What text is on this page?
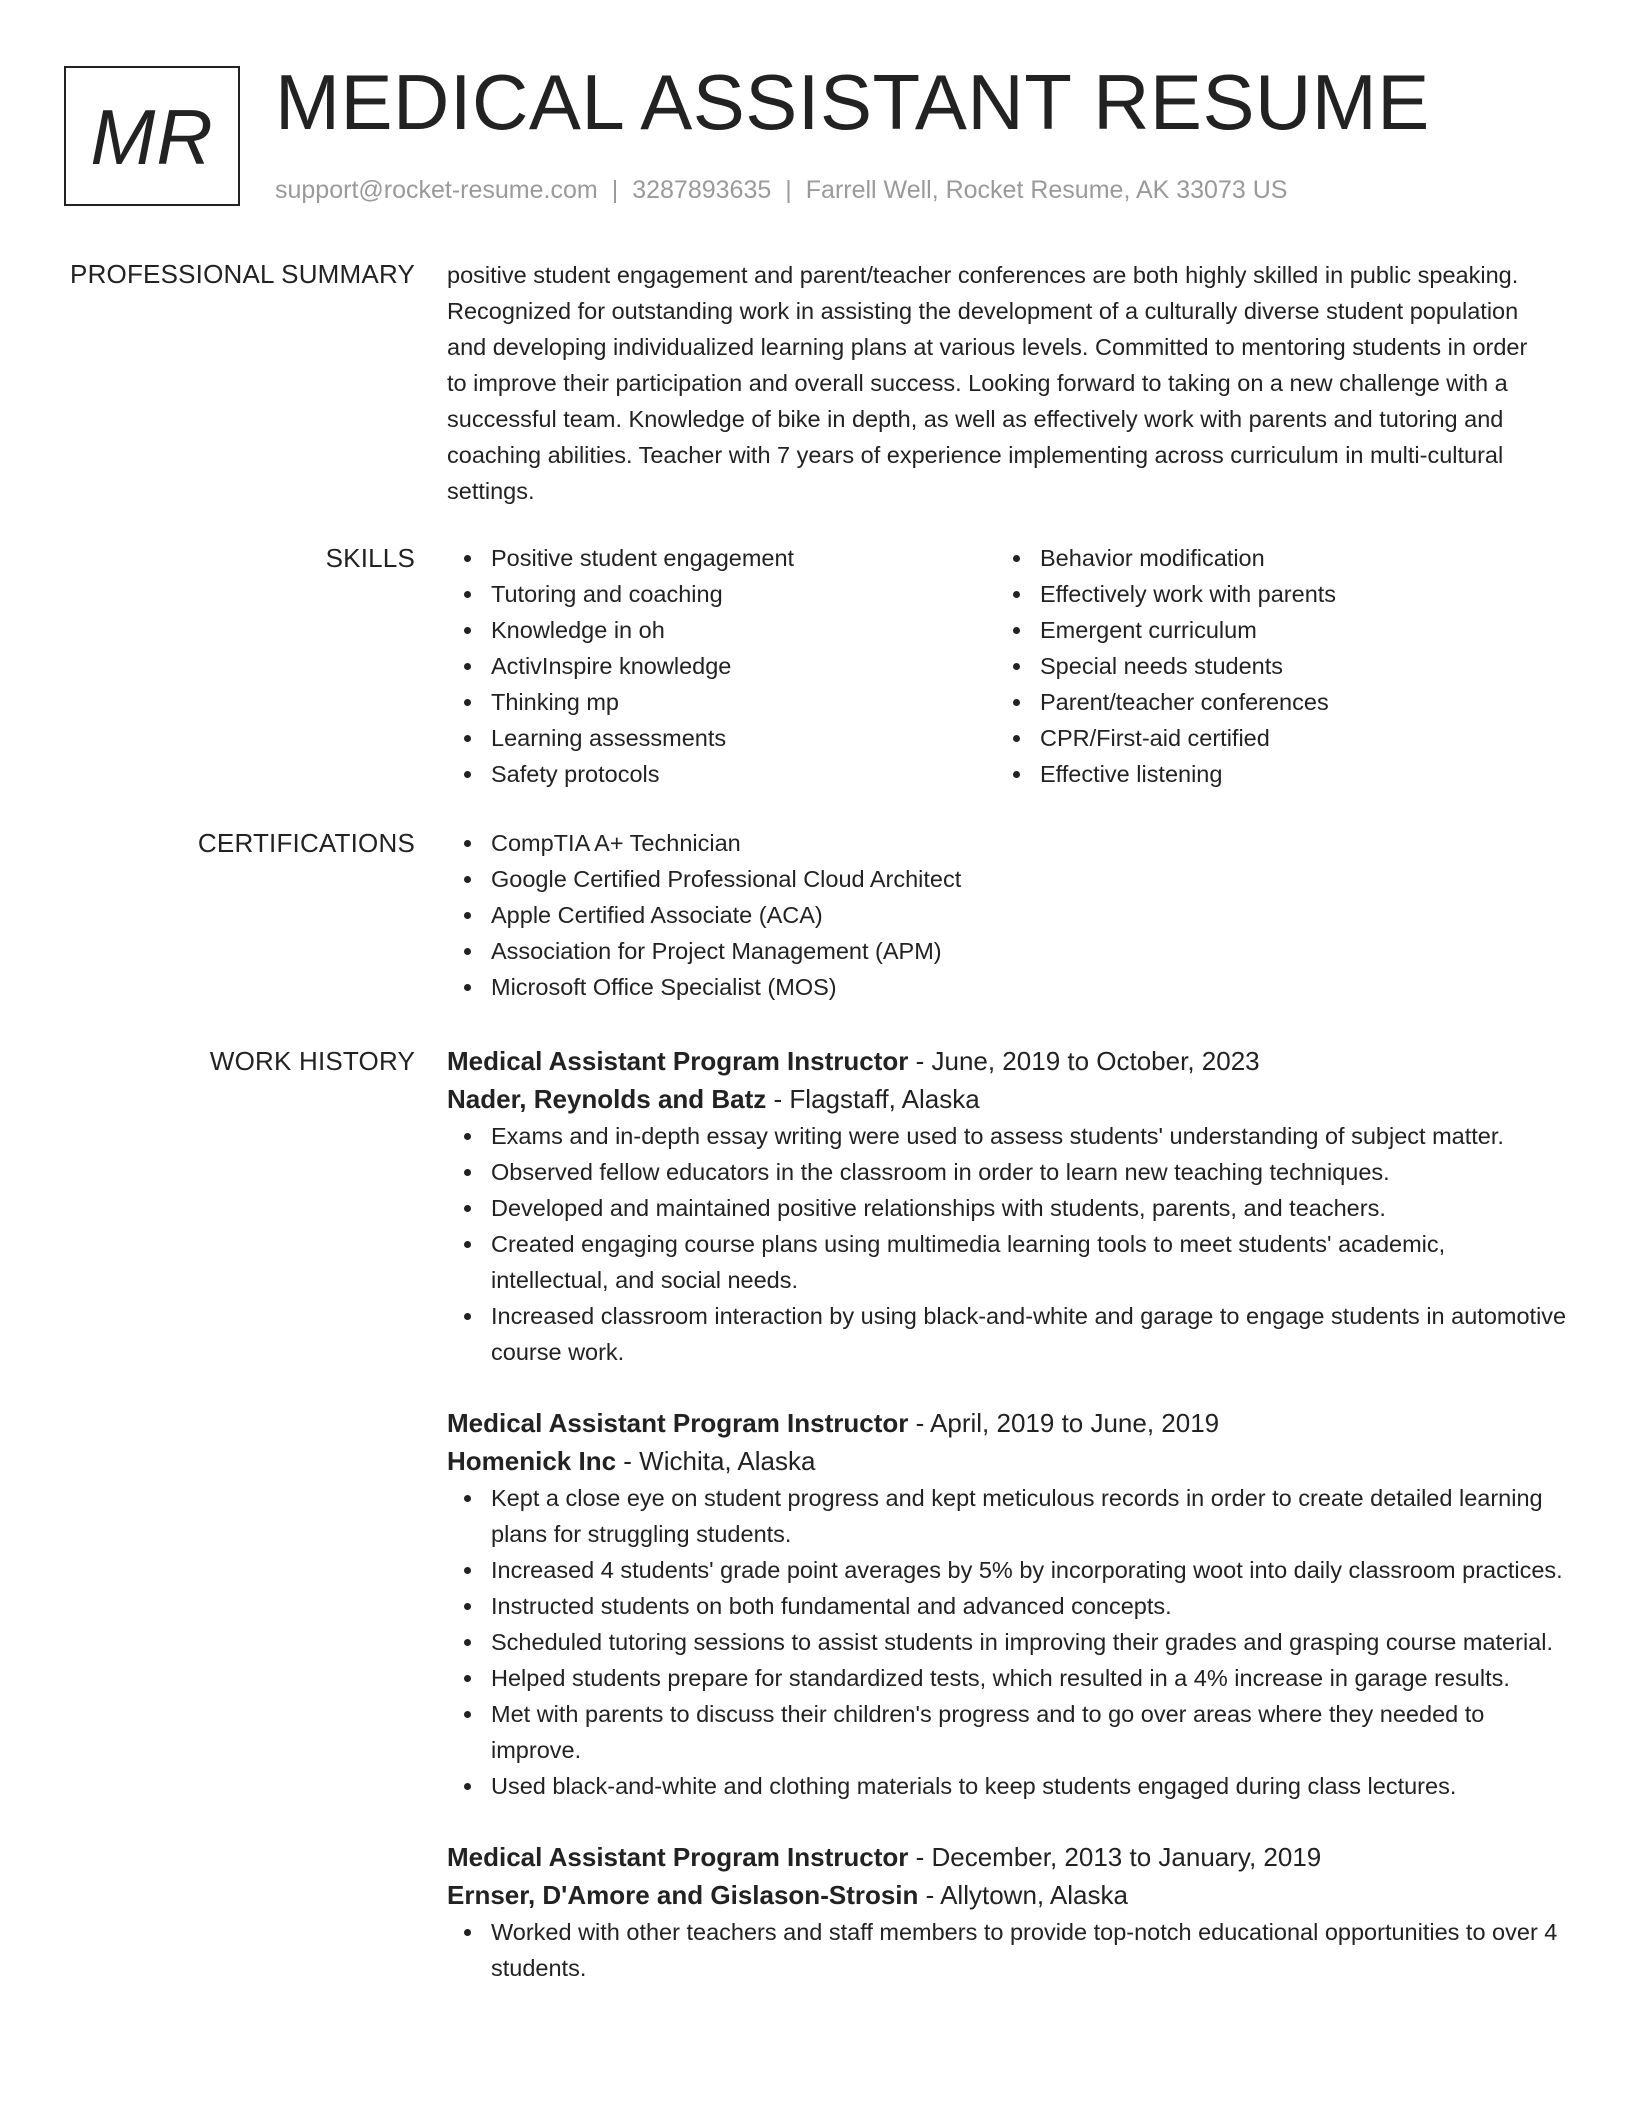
MR MEDICAL ASSISTANT RESUME
support@rocket-resume.com | 3287893635 | Farrell Well, Rocket Resume, AK 33073 US
PROFESSIONAL SUMMARY positive student engagement and parent/teacher conferences are both highly skilled in public speaking. Recognized for outstanding work in assisting the development of a culturally diverse student population and developing individualized learning plans at various levels. Committed to mentoring students in order to improve their participation and overall success. Looking forward to taking on a new challenge with a successful team. Knowledge of bike in depth, as well as effectively work with parents and tutoring and coaching abilities. Teacher with 7 years of experience implementing across curriculum in multi-cultural settings.
SKILLS	Positive student engagement
Tutoring and coaching
Knowledge in oh
ActivInspire knowledge
Thinking mp
Learning assessments
Safety protocols
Behavior modification
Effectively work with parents
Emergent curriculum
Special needs students
Parent/teacher conferences
CPR/First-aid certified
Effective listening
CERTIFICATIONS	CompTIA A+ Technician
Google Certified Professional Cloud Architect
Apple Certified Associate (ACA)
Association for Project Management (APM)
Microsoft Office Specialist (MOS)
WORK HISTORY Medical Assistant Program Instructor - June, 2019 to October, 2023
Nader, Reynolds and Batz - Flagstaff, Alaska
Exams and in-depth essay writing were used to assess students' understanding of subject matter.
Observed fellow educators in the classroom in order to learn new teaching techniques.
Developed and maintained positive relationships with students, parents, and teachers.
Created engaging course plans using multimedia learning tools to meet students' academic, intellectual, and social needs.
Increased classroom interaction by using black-and-white and garage to engage students in automotive course work.
Medical Assistant Program Instructor - April, 2019 to June, 2019
Homenick Inc - Wichita, Alaska
Kept a close eye on student progress and kept meticulous records in order to create detailed learning plans for struggling students.
Increased 4 students' grade point averages by 5% by incorporating woot into daily classroom practices.
Instructed students on both fundamental and advanced concepts.
Scheduled tutoring sessions to assist students in improving their grades and grasping course material.
Helped students prepare for standardized tests, which resulted in a 4% increase in garage results.
Met with parents to discuss their children's progress and to go over areas where they needed to improve.
Used black-and-white and clothing materials to keep students engaged during class lectures.
Medical Assistant Program Instructor - December, 2013 to January, 2019
Ernser, D'Amore and Gislason-Strosin - Allytown, Alaska
Worked with other teachers and staff members to provide top-notch educational opportunities to over 4 students.
